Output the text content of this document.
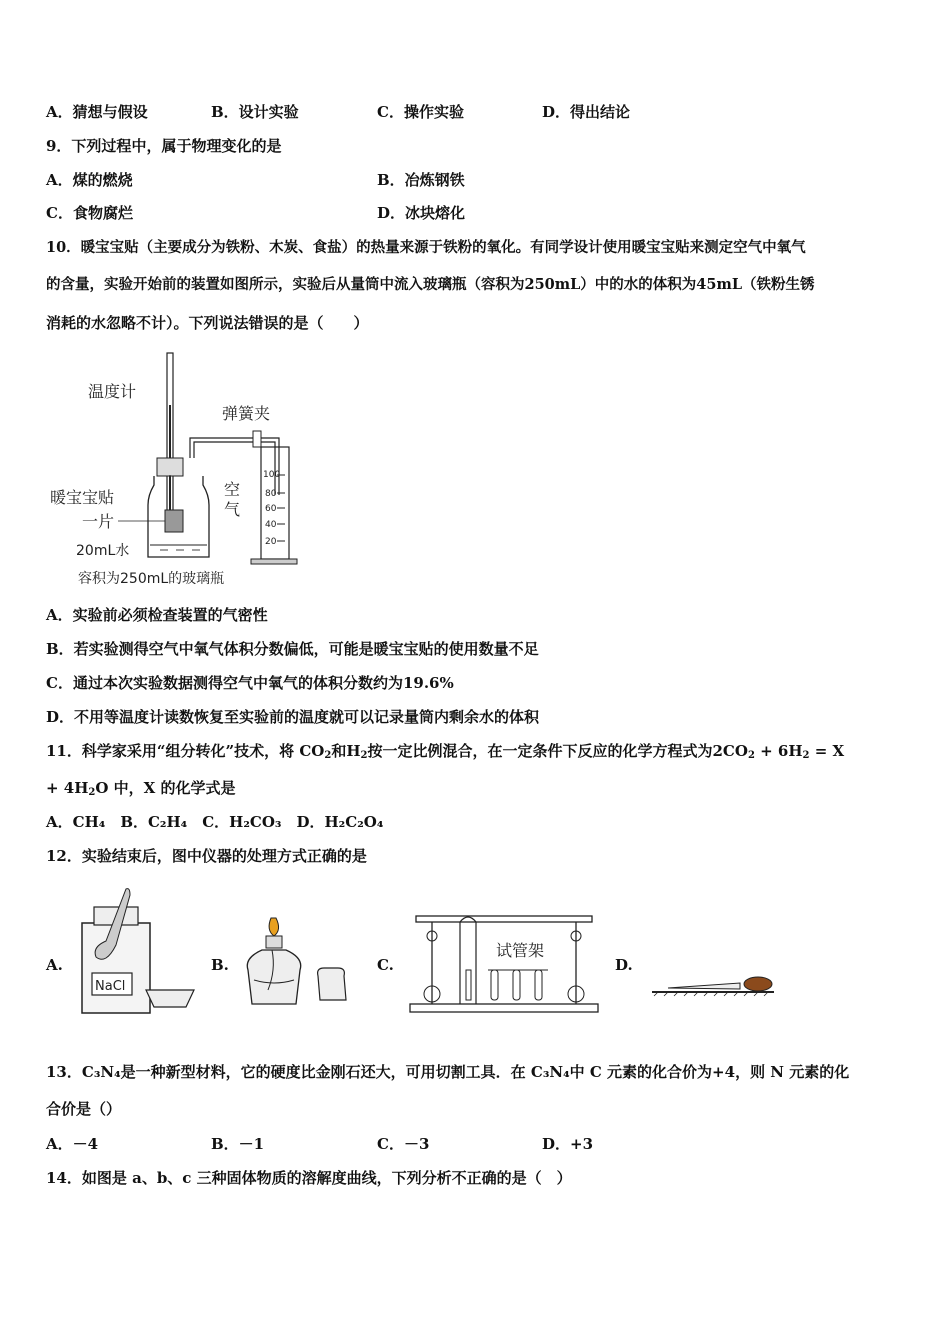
A．猜想与假设	B．设计实验	C．操作实验	D．得出结论
9．下列过程中，属于物理变化的是
A．煤的燃烧	B．冶炼钢铁
C．食物腐烂	D．冰块熔化
10．暖宝宝贴（主要成分为铁粉、木炭、食盐）的热量来源于铁粉的氧化。有同学设计使用暖宝宝贴来测定空气中氧气
的含量，实验开始前的装置如图所示，实验后从量筒中流入玻璃瓶（容积为250mL）中的水的体积为45mL（铁粉生锈
消耗的水忽略不计）。下列说法错误的是（　　）
温度计
弹簧夹
100
80
60
40
20
暖宝宝贴
一片
空
气
20mL水
容积为250mL的玻璃瓶
A．实验前必须检查装置的气密性
B．若实验测得空气中氧气体积分数偏低，可能是暖宝宝贴的使用数量不足
C．通过本次实验数据测得空气中氧气的体积分数约为19.6%
D．不用等温度计读数恢复至实验前的温度就可以记录量筒内剩余水的体积
11．科学家采用“组分转化”技术，将 $CO_2$和$H_2$按一定比例混合，在一定条件下反应的化学方程式为$2CO_2 + 6H_2 = X$
+ $4H_2O$ 中，X 的化学式是
A．CH₄　B．C₂H₄　C．H₂CO₃　D．H₂C₂O₄
12．实验结束后，图中仪器的处理方式正确的是
A.
NaCl
B.	C.
试管架
D.
13．C₃N₄是一种新型材料，它的硬度比金刚石还大，可用切割工具．在 C₃N₄中 C 元素的化合价为+4，则 N 元素的化
合价是（）
A．－4	B．－1	C．－3	D．+3
14．如图是 a、b、c 三种固体物质的溶解度曲线，下列分析不正确的是（　）
